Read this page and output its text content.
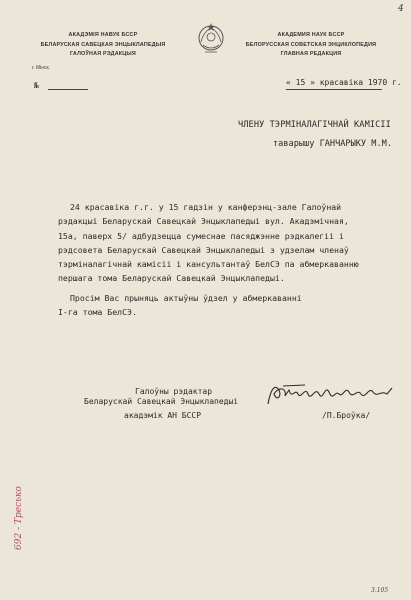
4
АКАДЭМІЯ НАВУК БССР
БЕЛАРУСКАЯ САВЕЦКАЯ ЭНЦЫКЛАПЕДЫЯ
ГАЛОЎНАЯ РЭДАКЦЫЯ
АКАДЕМИЯ НАУК БССР
БЕЛОРУССКАЯ СОВЕТСКАЯ ЭНЦИКЛОПЕДИЯ
ГЛАВНАЯ РЕДАКЦИЯ
г. Мінск.
№	« 15 » красавіка 1970 г.
ЧЛЕНУ ТЭРМІНАЛАГІЧНАЙ КАМІСІІ
таварышу ГАНЧАРЫКУ М.М.
24 красавіка г.г. у 15 гадзін у канферэнц-зале Галоўнай
рэдакцыі Беларускай Савецкай Энцыклапедыі вул. Акадэмічная,
15а, паверх 5/ адбудзецца сумеснае пасяджэнне рэдкалегіі і
рэдсовета Беларускай Савецкай Энцыклапедыі з удзелам членаў
тэрміналагічнай камісіі і кансультантаў БелСЭ па абмеркаванню
першага тома Беларускай Савецкай Энцыклапедыі.
Просім Вас прыняць актыўны ўдзел у абмеркаванні
І-га тома БелСЭ.
Галоўны рэдактар
Беларускай Савецкай Энцыклапедыі
акадэмік АН БССР	/П.Броўка/
692 - Тресько
3.105
